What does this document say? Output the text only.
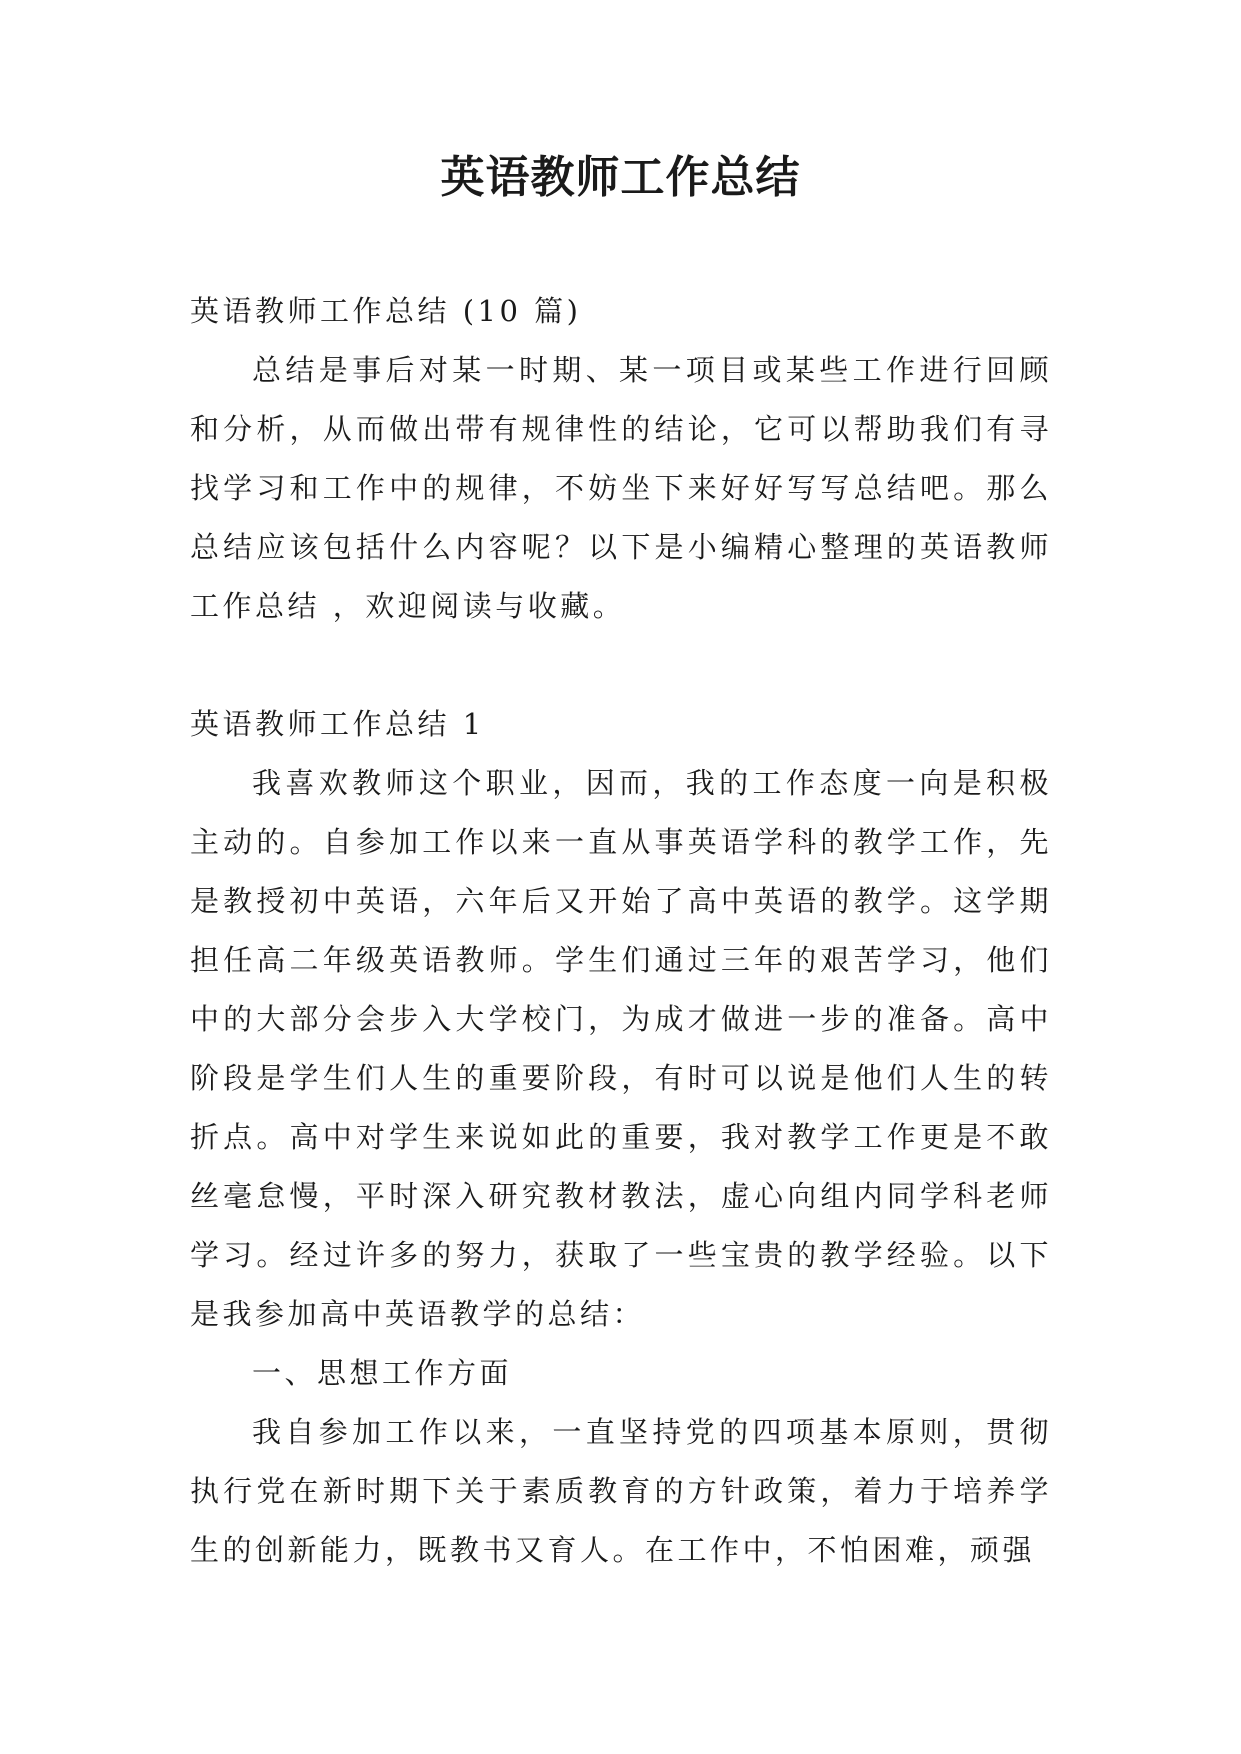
英语教师工作总结

英语教师工作总结 (10 篇)

总结是事后对某一时期、某一项目或某些工作进行回顾和分析，从而做出带有规律性的结论，它可以帮助我们有寻找学习和工作中的规律，不妨坐下来好好写写总结吧。那么总结应该包括什么内容呢？以下是小编精心整理的英语教师工作总结 ，欢迎阅读与收藏。

英语教师工作总结 1

我喜欢教师这个职业，因而，我的工作态度一向是积极主动的。自参加工作以来一直从事英语学科的教学工作，先是教授初中英语，六年后又开始了高中英语的教学。这学期担任高二年级英语教师。学生们通过三年的艰苦学习，他们中的大部分会步入大学校门，为成才做进一步的准备。高中阶段是学生们人生的重要阶段，有时可以说是他们人生的转折点。高中对学生来说如此的重要，我对教学工作更是不敢丝毫怠慢，平时深入研究教材教法，虚心向组内同学科老师学习。经过许多的努力，获取了一些宝贵的教学经验。以下是我参加高中英语教学的总结：

一、思想工作方面

我自参加工作以来，一直坚持党的四项基本原则，贯彻执行党在新时期下关于素质教育的方针政策，着力于培养学生的创新能力，既教书又育人。在工作中，不怕困难，顽强
